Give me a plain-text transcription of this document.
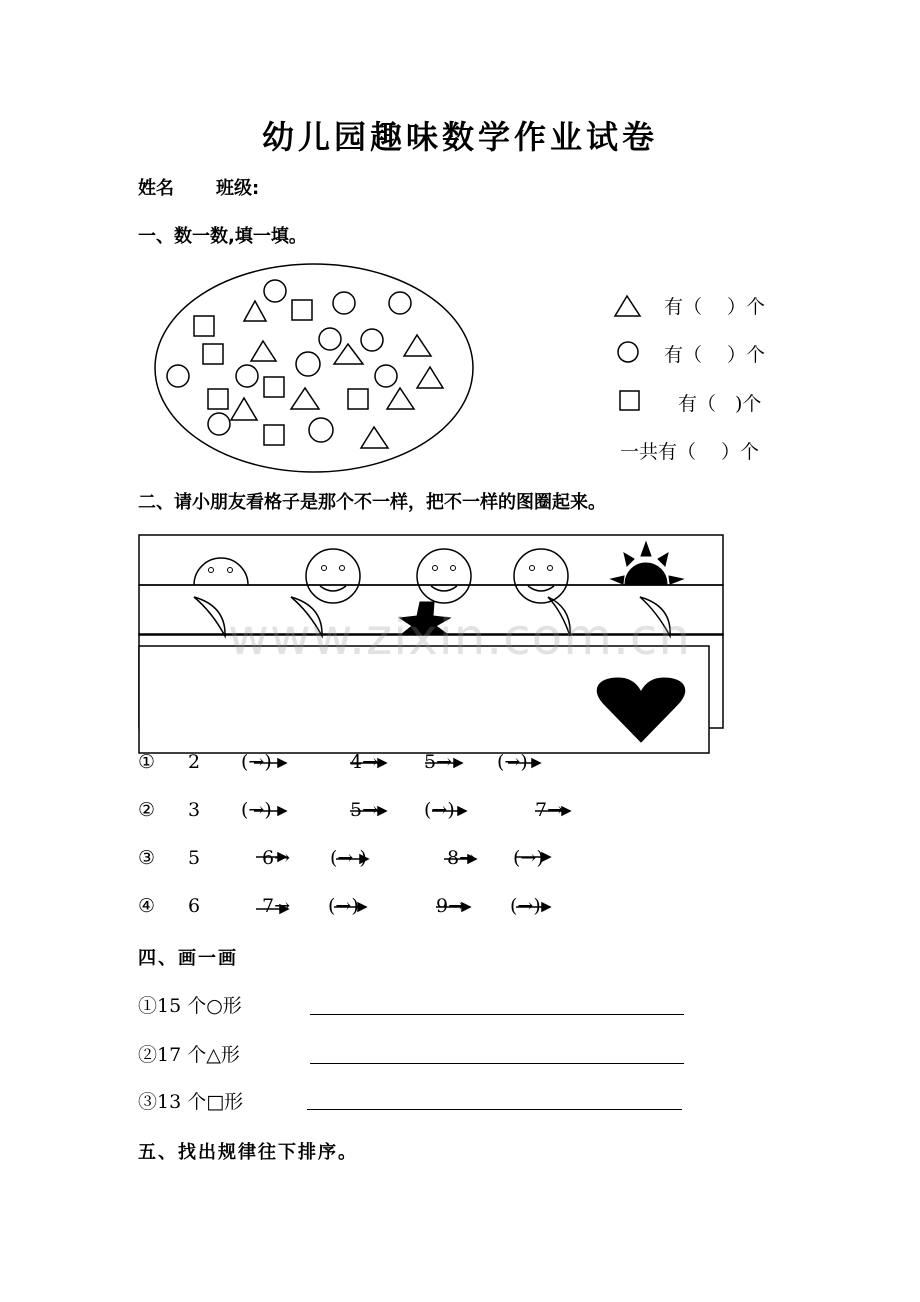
幼儿园趣味数学作业试卷
姓名 班级:
一、数一数,填一填。
有（　 ）个
有（　 ）个
有（　)个
一共有（　 ）个
二、请小朋友看格子是那个不一样，把不一样的图圈起来。
www.zixin.com.cn
① 2 (→)	4→ 5→ (→)
② 3 (→)	5→ (→)	7→
③ 5	6→ (→ )	8→ (→)
④ 6	7→ (→)	9→ (→)
四、画一画
①15 个○形
②17 个△形
③13 个□形
五、找出规律往下排序。
